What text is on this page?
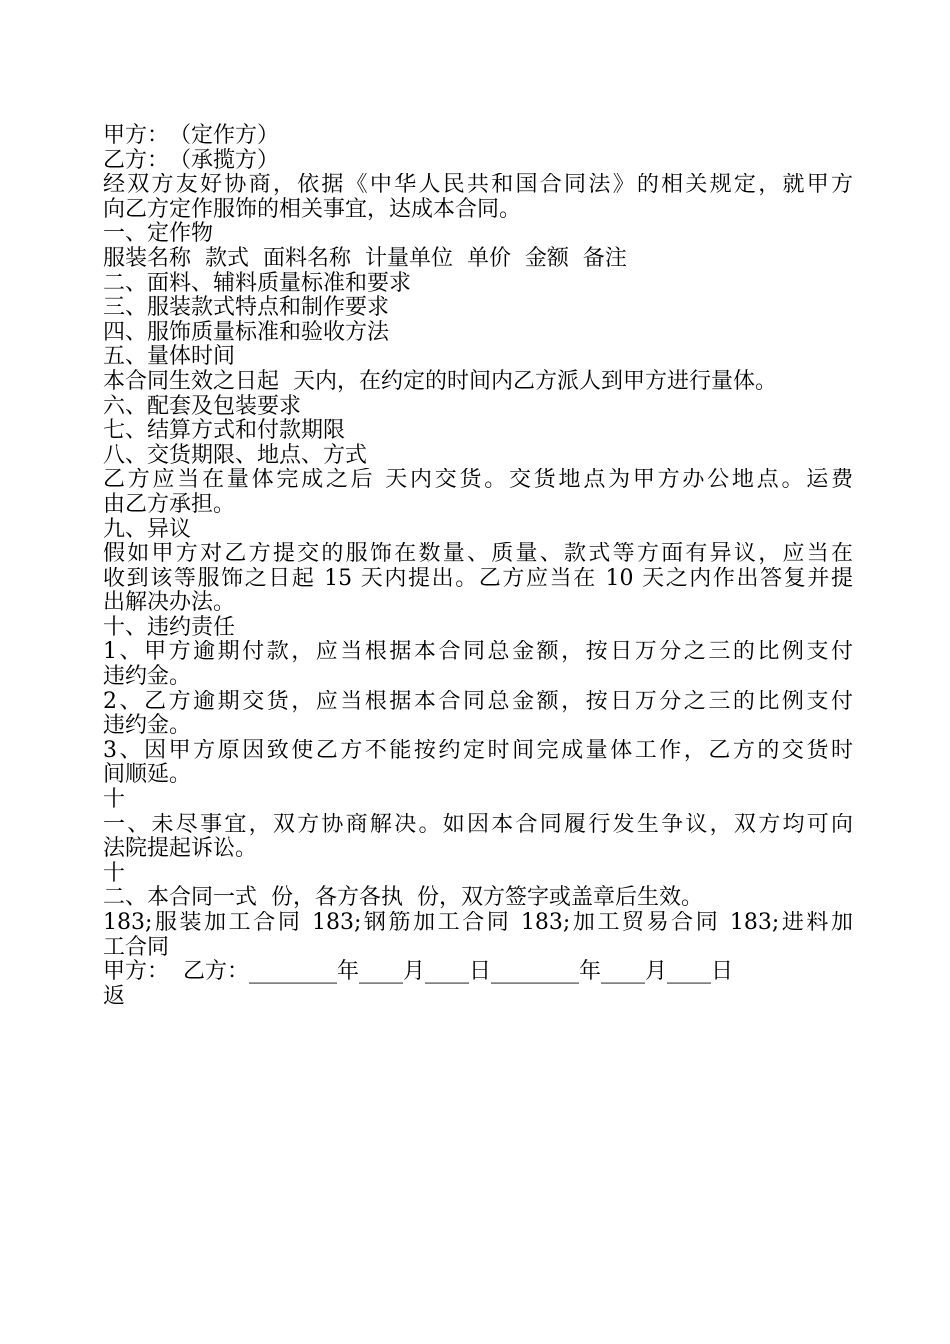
甲方：　（定作方）
乙方：　（承揽方）
经双方友好协商，依据《中华人民共和国合同法》的相关规定，就甲方
向乙方定作服饰的相关事宜，达成本合同。
一、定作物
服装名称  款式  面料名称  计量单位  单价  金额  备注
二、面料、辅料质量标准和要求
三、服装款式特点和制作要求
四、服饰质量标准和验收方法
五、量体时间
本合同生效之日起  天内，在约定的时间内乙方派人到甲方进行量体。
六、配套及包装要求
七、结算方式和付款期限
八、交货期限、地点、方式
乙方应当在量体完成之后 天内交货。交货地点为甲方办公地点。运费
由乙方承担。
九、异议
假如甲方对乙方提交的服饰在数量、质量、款式等方面有异议，应当在
收到该等服饰之日起 15 天内提出。乙方应当在 10 天之内作出答复并提
出解决办法。
十、违约责任
1、甲方逾期付款，应当根据本合同总金额，按日万分之三的比例支付
违约金。
2、乙方逾期交货，应当根据本合同总金额，按日万分之三的比例支付
违约金。
3、因甲方原因致使乙方不能按约定时间完成量体工作，乙方的交货时
间顺延。
十
一、未尽事宜，双方协商解决。如因本合同履行发生争议，双方均可向
法院提起诉讼。
十
二、本合同一式  份，各方各执  份，双方签字或盖章后生效。
183;服装加工合同 183;钢筋加工合同 183;加工贸易合同 183;进料加
工合同
甲方：  乙方：________年____月____日________年____月____日
返
